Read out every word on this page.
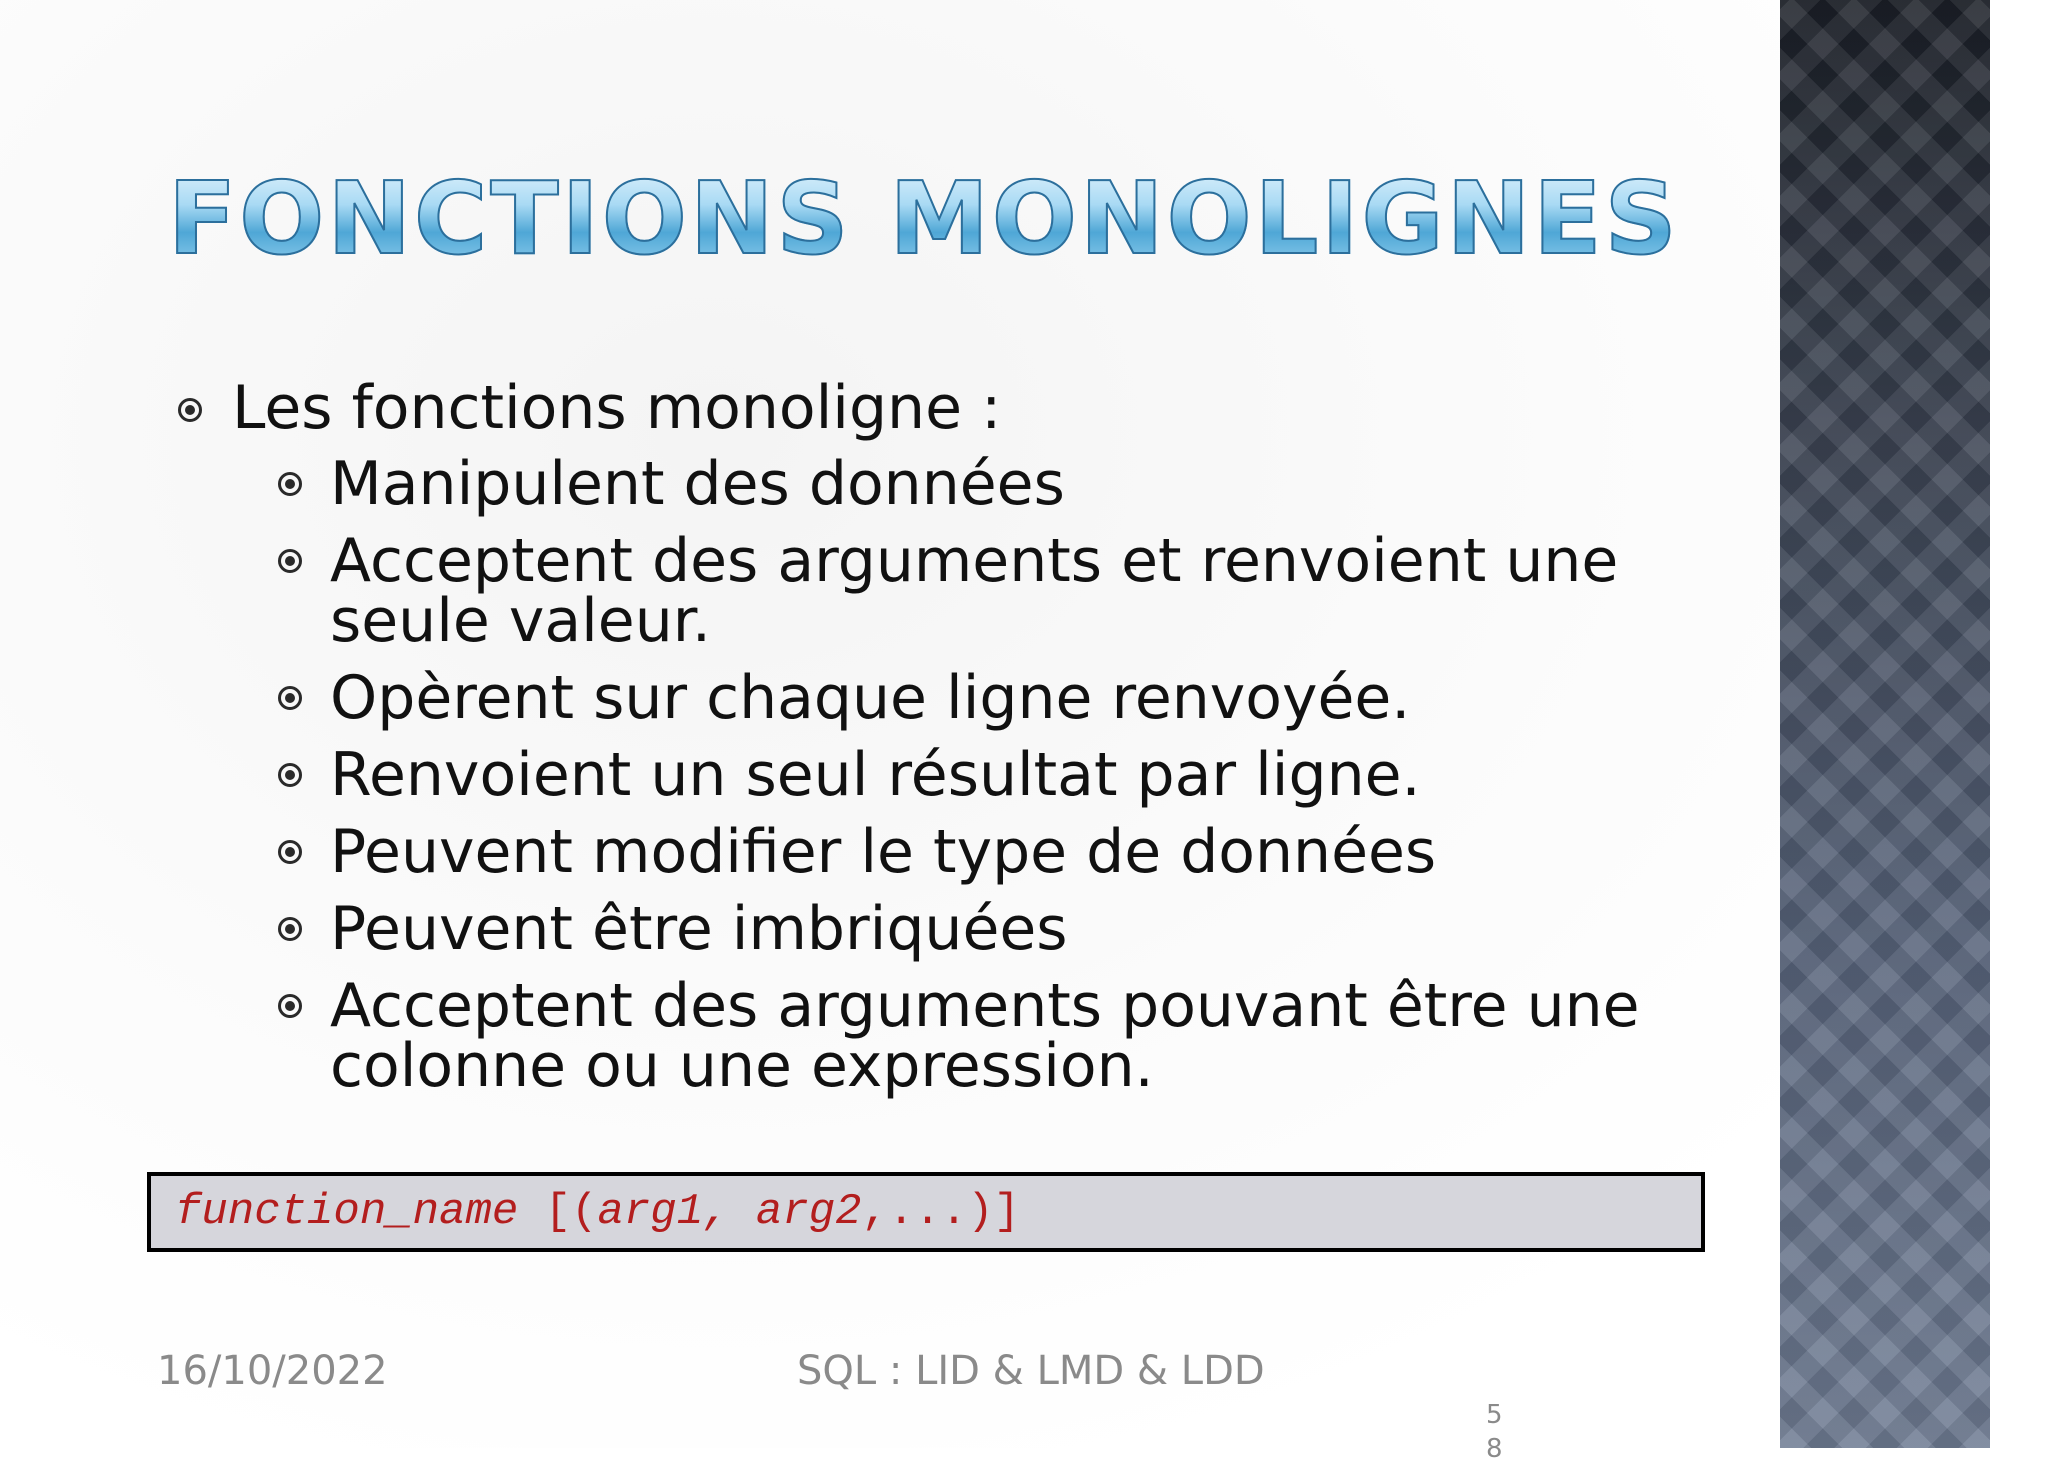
FONCTIONS MONOLIGNES
Les fonctions monoligne :
Manipulent des données
Acceptent des arguments et renvoient une seule valeur.
Opèrent sur chaque ligne renvoyée.
Renvoient un seul résultat par ligne.
Peuvent modifier le type de données
Peuvent être imbriquées
Acceptent des arguments pouvant être une colonne ou une expression.
function_name [(arg1, arg2,...)]
16/10/2022	SQL : LID & LMD & LDD
58
